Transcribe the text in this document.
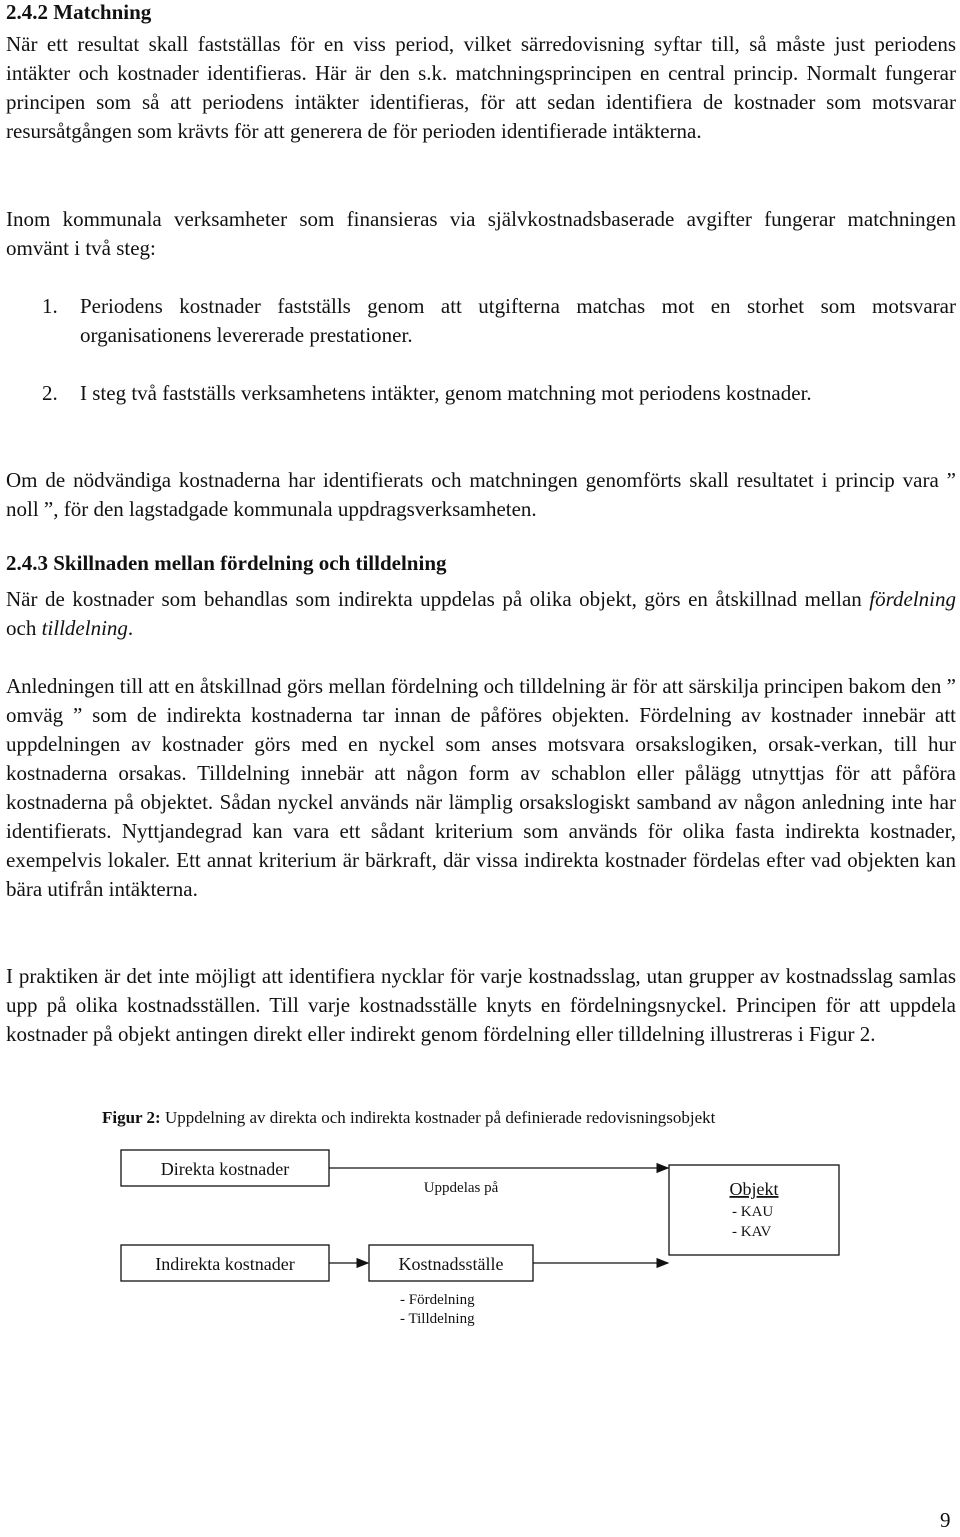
2.4.2 Matchning

När ett resultat skall fastställas för en viss period, vilket särredovisning syftar till, så måste just periodens intäkter och kostnader identifieras. Här är den s.k. matchningsprincipen en central princip. Normalt fungerar principen som så att periodens intäkter identifieras, för att sedan identifiera de kostnader som motsvarar resursåtgången som krävts för att generera de för perioden identifierade intäkterna.

Inom kommunala verksamheter som finansieras via självkostnadsbaserade avgifter fungerar matchningen omvänt i två steg:

1. Periodens kostnader fastställs genom att utgifterna matchas mot en storhet som motsvarar organisationens levererade prestationer.
2. I steg två fastställs verksamhetens intäkter, genom matchning mot periodens kostnader.

Om de nödvändiga kostnaderna har identifierats och matchningen genomförts skall resultatet i princip vara ” noll ”, för den lagstadgade kommunala uppdragsverksamheten.

2.4.3 Skillnaden mellan fördelning och tilldelning

När de kostnader som behandlas som indirekta uppdelas på olika objekt, görs en åtskillnad mellan fördelning och tilldelning.

Anledningen till att en åtskillnad görs mellan fördelning och tilldelning är för att särskilja principen bakom den ” omväg ” som de indirekta kostnaderna tar innan de påföres objekten. Fördelning av kostnader innebär att uppdelningen av kostnader görs med en nyckel som anses motsvara orsakslogiken, orsak-verkan, till hur kostnaderna orsakas. Tilldelning innebär att någon form av schablon eller pålägg utnyttjas för att påföra kostnaderna på objektet. Sådan nyckel används när lämplig orsakslogiskt samband av någon anledning inte har identifierats. Nyttjandegrad kan vara ett sådant kriterium som används för olika fasta indirekta kostnader, exempelvis lokaler. Ett annat kriterium är bärkraft, där vissa indirekta kostnader fördelas efter vad objekten kan bära utifrån intäkterna.

I praktiken är det inte möjligt att identifiera nycklar för varje kostnadsslag, utan grupper av kostnadsslag samlas upp på olika kostnadsställen. Till varje kostnadsställe knyts en fördelningsnyckel. Principen för att uppdela kostnader på objekt antingen direkt eller indirekt genom fördelning eller tilldelning illustreras i Figur 2.

Figur 2: Uppdelning av direkta och indirekta kostnader på definierade redovisningsobjekt
Direkta kostnader
Indirekta kostnader	Kostnadsställe
Objekt
- KAU
- KAV
Uppdelas på
- Fördelning
- Tilldelning
9
